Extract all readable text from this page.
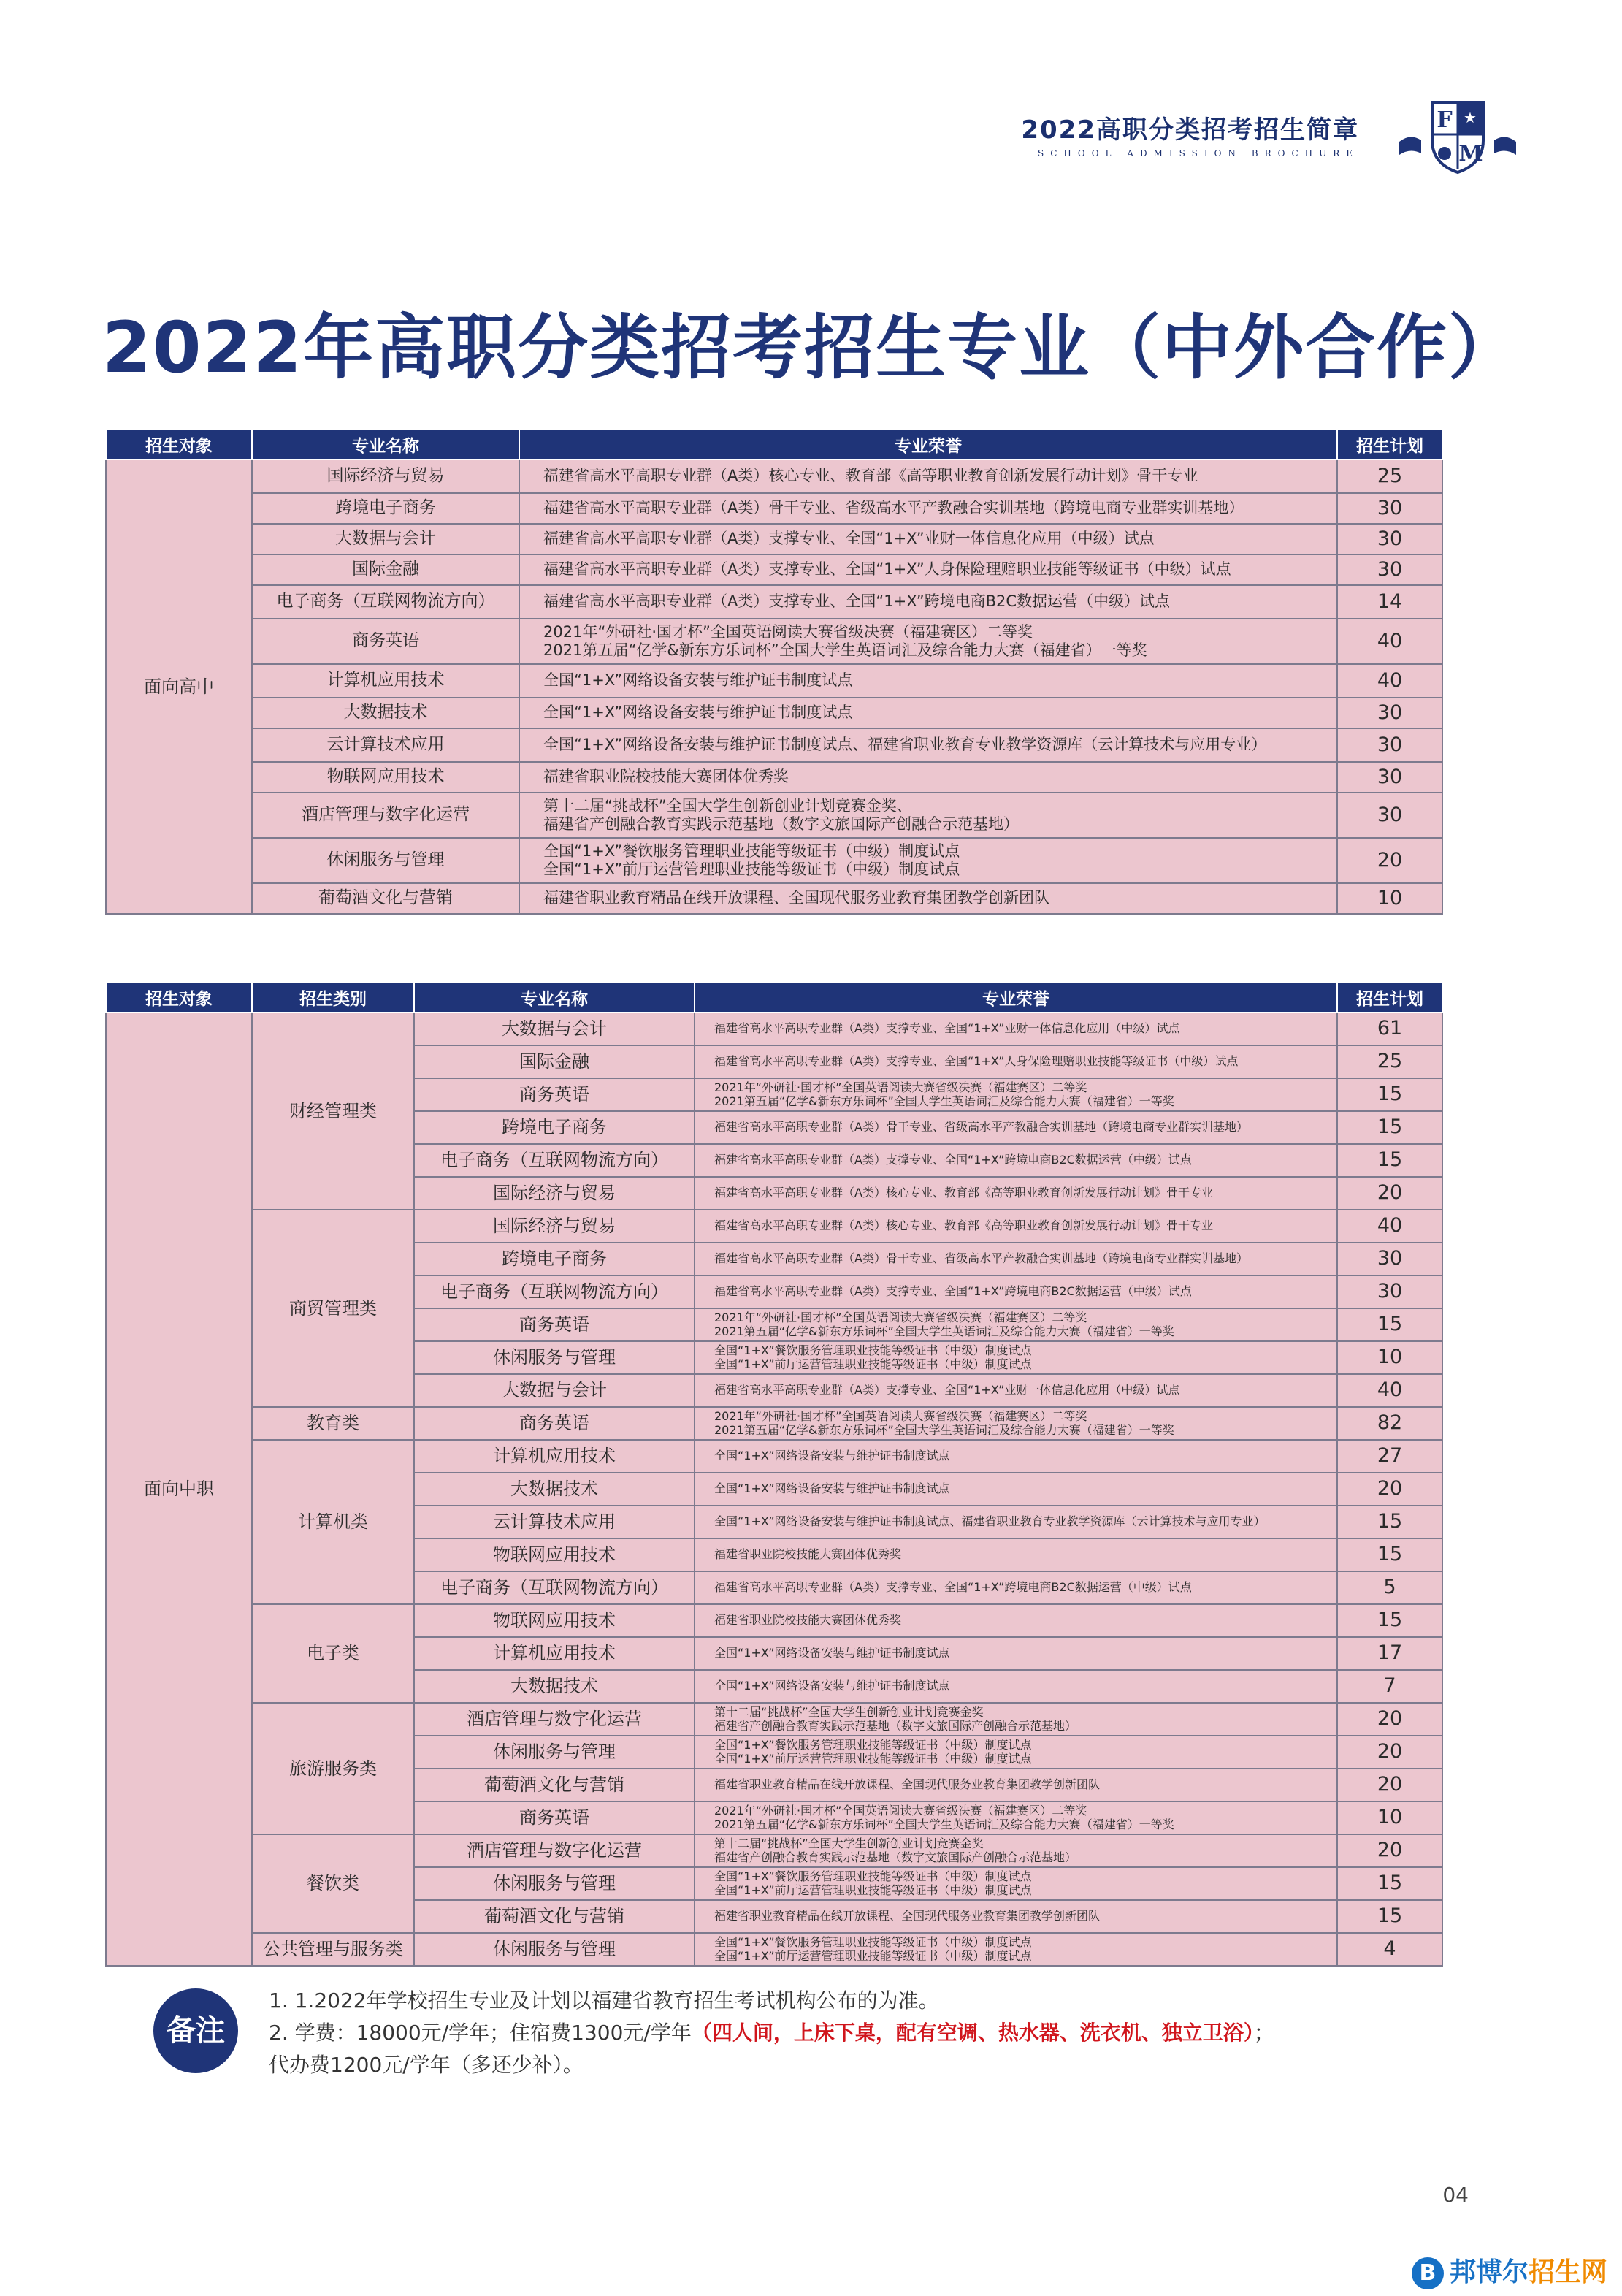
2022高职分类招考招生简章
SCHOOL ADMISSION BROCHURE
F
M
★
2022年高职分类招考招生专业（中外合作）
招生对象	专业名称	专业荣誉	招生计划
面向高中	国际经济与贸易	福建省高水平高职专业群（A类）核心专业、教育部《高等职业教育创新发展行动计划》骨干专业	25
	跨境电子商务	福建省高水平高职专业群（A类）骨干专业、省级高水平产教融合实训基地（跨境电商专业群实训基地）	30
	大数据与会计	福建省高水平高职专业群（A类）支撑专业、全国“1+X”业财一体信息化应用（中级）试点	30
	国际金融	福建省高水平高职专业群（A类）支撑专业、全国“1+X”人身保险理赔职业技能等级证书（中级）试点	30
	电子商务（互联网物流方向）	福建省高水平高职专业群（A类）支撑专业、全国“1+X”跨境电商B2C数据运营（中级）试点	14
	商务英语	2021年“外研社·国才杯”全国英语阅读大赛省级决赛（福建赛区）二等奖
2021第五届“亿学&新东方乐词杯”全国大学生英语词汇及综合能力大赛（福建省）一等奖	40
	计算机应用技术	全国“1+X”网络设备安装与维护证书制度试点	40
	大数据技术	全国“1+X”网络设备安装与维护证书制度试点	30
	云计算技术应用	全国“1+X”网络设备安装与维护证书制度试点、福建省职业教育专业教学资源库（云计算技术与应用专业）	30
	物联网应用技术	福建省职业院校技能大赛团体优秀奖	30
	酒店管理与数字化运营	第十二届“挑战杯”全国大学生创新创业计划竞赛金奖、
福建省产创融合教育实践示范基地（数字文旅国际产创融合示范基地）	30
	休闲服务与管理	全国“1+X”餐饮服务管理职业技能等级证书（中级）制度试点
全国“1+X”前厅运营管理职业技能等级证书（中级）制度试点	20
	葡萄酒文化与营销	福建省职业教育精品在线开放课程、全国现代服务业教育集团教学创新团队	10
招生对象	招生类别	专业名称	专业荣誉	招生计划
面向中职	财经管理类	大数据与会计	福建省高水平高职专业群（A类）支撑专业、全国“1+X”业财一体信息化应用（中级）试点	61
		国际金融	福建省高水平高职专业群（A类）支撑专业、全国“1+X”人身保险理赔职业技能等级证书（中级）试点	25
		商务英语	2021年“外研社·国才杯”全国英语阅读大赛省级决赛（福建赛区）二等奖
2021第五届“亿学&新东方乐词杯”全国大学生英语词汇及综合能力大赛（福建省）一等奖	15
		跨境电子商务	福建省高水平高职专业群（A类）骨干专业、省级高水平产教融合实训基地（跨境电商专业群实训基地）	15
		电子商务（互联网物流方向）	福建省高水平高职专业群（A类）支撑专业、全国“1+X”跨境电商B2C数据运营（中级）试点	15
		国际经济与贸易	福建省高水平高职专业群（A类）核心专业、教育部《高等职业教育创新发展行动计划》骨干专业	20
	商贸管理类	国际经济与贸易	福建省高水平高职专业群（A类）核心专业、教育部《高等职业教育创新发展行动计划》骨干专业	40
		跨境电子商务	福建省高水平高职专业群（A类）骨干专业、省级高水平产教融合实训基地（跨境电商专业群实训基地）	30
		电子商务（互联网物流方向）	福建省高水平高职专业群（A类）支撑专业、全国“1+X”跨境电商B2C数据运营（中级）试点	30
		商务英语	2021年“外研社·国才杯”全国英语阅读大赛省级决赛（福建赛区）二等奖
2021第五届“亿学&新东方乐词杯”全国大学生英语词汇及综合能力大赛（福建省）一等奖	15
		休闲服务与管理	全国“1+X”餐饮服务管理职业技能等级证书（中级）制度试点
全国“1+X”前厅运营管理职业技能等级证书（中级）制度试点	10
		大数据与会计	福建省高水平高职专业群（A类）支撑专业、全国“1+X”业财一体信息化应用（中级）试点	40
	教育类	商务英语	2021年“外研社·国才杯”全国英语阅读大赛省级决赛（福建赛区）二等奖
2021第五届“亿学&新东方乐词杯”全国大学生英语词汇及综合能力大赛（福建省）一等奖	82
	计算机类	计算机应用技术	全国“1+X”网络设备安装与维护证书制度试点	27
		大数据技术	全国“1+X”网络设备安装与维护证书制度试点	20
		云计算技术应用	全国“1+X”网络设备安装与维护证书制度试点、福建省职业教育专业教学资源库（云计算技术与应用专业）	15
		物联网应用技术	福建省职业院校技能大赛团体优秀奖	15
		电子商务（互联网物流方向）	福建省高水平高职专业群（A类）支撑专业、全国“1+X”跨境电商B2C数据运营（中级）试点	5
	电子类	物联网应用技术	福建省职业院校技能大赛团体优秀奖	15
		计算机应用技术	全国“1+X”网络设备安装与维护证书制度试点	17
		大数据技术	全国“1+X”网络设备安装与维护证书制度试点	7
	旅游服务类	酒店管理与数字化运营	第十二届“挑战杯”全国大学生创新创业计划竞赛金奖
福建省产创融合教育实践示范基地（数字文旅国际产创融合示范基地）	20
		休闲服务与管理	全国“1+X”餐饮服务管理职业技能等级证书（中级）制度试点
全国“1+X”前厅运营管理职业技能等级证书（中级）制度试点	20
		葡萄酒文化与营销	福建省职业教育精品在线开放课程、全国现代服务业教育集团教学创新团队	20
		商务英语	2021年“外研社·国才杯”全国英语阅读大赛省级决赛（福建赛区）二等奖
2021第五届“亿学&新东方乐词杯”全国大学生英语词汇及综合能力大赛（福建省）一等奖	10
	餐饮类	酒店管理与数字化运营	第十二届“挑战杯”全国大学生创新创业计划竞赛金奖
福建省产创融合教育实践示范基地（数字文旅国际产创融合示范基地）	20
		休闲服务与管理	全国“1+X”餐饮服务管理职业技能等级证书（中级）制度试点
全国“1+X”前厅运营管理职业技能等级证书（中级）制度试点	15
		葡萄酒文化与营销	福建省职业教育精品在线开放课程、全国现代服务业教育集团教学创新团队	15
	公共管理与服务类	休闲服务与管理	全国“1+X”餐饮服务管理职业技能等级证书（中级）制度试点
全国“1+X”前厅运营管理职业技能等级证书（中级）制度试点	4
备注
1. 1.2022年学校招生专业及计划以福建省教育招生考试机构公布的为准。
2. 学费：18000元/学年；住宿费1300元/学年（四人间，上床下桌，配有空调、热水器、洗衣机、独立卫浴）；
代办费1200元/学年（多还少补）。
04
B 邦博尔招生网
